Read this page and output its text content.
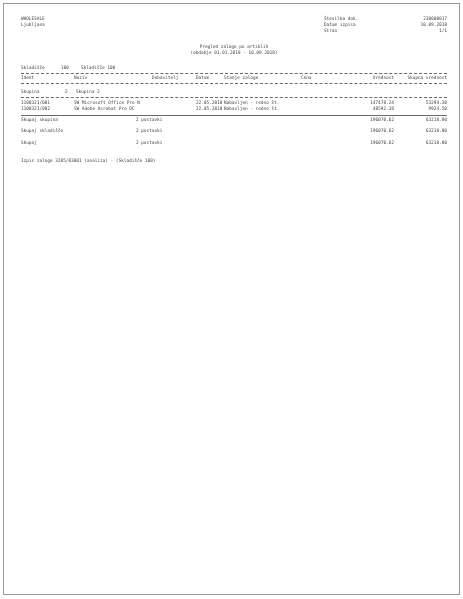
WHOLESALE
Ljubljana
Številka dok.
Datum izpisa
Stran
230000017
10.09.2018
1/1
Pregled zaloge po artiklih
(obdobje 01.01.2018 - 10.09.2018)
Skladišče	100	Skladišče 100
Ident	Naziv	Dobavitelj	Datum	Stanje zaloge	Cena	Vrednost	Skupna vrednost
Skupina	2 Skupina 2
1100321/001	SW Microsoft Office Pro N	22.05.2018 Nabavljen - redno št.	147478.24	53294.30
1100321/002	SW Adobe Acrobat Pro DC	22.05.2018 Nabavljen - redno št.	48592.38	9924.50
Skupaj skupina	2 postavki	196070.62	63218.80
Skupaj skladišče	2 postavki	196070.62	63218.80
Skupaj	2 postavki	196070.62	63218.80
Izpis zaloge 3285/03001 (analiza) - (Skladišče 100)
